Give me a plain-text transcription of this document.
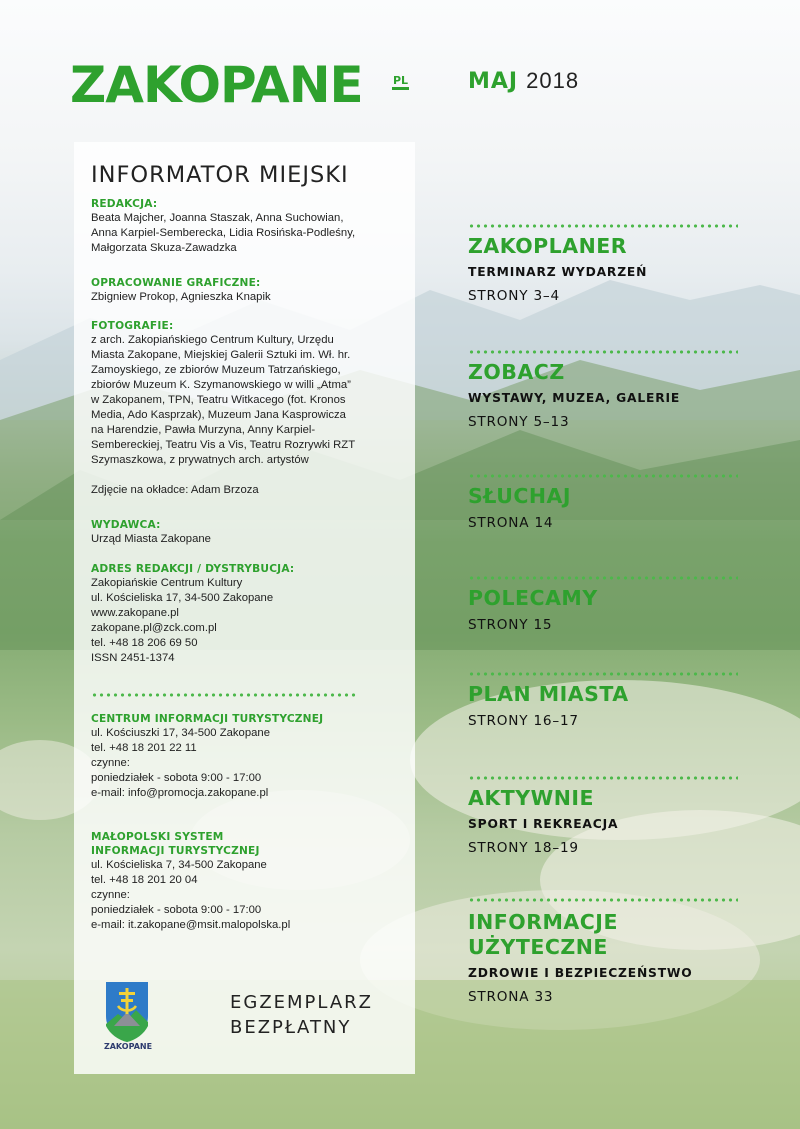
ZAKOPANE	PL	MAJ 2018
INFORMATOR MIEJSKI
REDAKCJA:
Beata Majcher, Joanna Staszak, Anna Suchowian,
Anna Karpiel-Semberecka, Lidia Rosińska-Podleśny,
Małgorzata Skuza-Zawadzka
OPRACOWANIE GRAFICZNE:
Zbigniew Prokop, Agnieszka Knapik
FOTOGRAFIE:
z arch. Zakopiańskiego Centrum Kultury, Urzędu
Miasta Zakopane, Miejskiej Galerii Sztuki im. Wł. hr.
Zamoyskiego, ze zbiorów Muzeum Tatrzańskiego,
zbiorów Muzeum K. Szymanowskiego w willi „Atma”
w Zakopanem, TPN, Teatru Witkacego (fot. Kronos
Media, Ado Kasprzak), Muzeum Jana Kasprowicza
na Harendzie, Pawła Murzyna, Anny Karpiel-
Sembereckiej, Teatru Vis a Vis, Teatru Rozrywki RZT
Szymaszkowa, z prywatnych arch. artystów

Zdjęcie na okładce: Adam Brzoza
WYDAWCA:
Urząd Miasta Zakopane
ADRES REDAKCJI / DYSTRYBUCJA:
Zakopiańskie Centrum Kultury
ul. Kościeliska 17, 34-500 Zakopane
www.zakopane.pl
zakopane.pl@zck.com.pl
tel. +48 18 206 69 50
ISSN 2451-1374
CENTRUM INFORMACJI TURYSTYCZNEJ
ul. Kościuszki 17, 34-500 Zakopane
tel. +48 18 201 22 11
czynne:
poniedziałek - sobota 9:00 - 17:00
e-mail: info@promocja.zakopane.pl
MAŁOPOLSKI SYSTEM
INFORMACJI TURYSTYCZNEJ
ul. Kościeliska 7, 34-500 Zakopane
tel. +48 18 201 20 04
czynne:
poniedziałek - sobota 9:00 - 17:00
e-mail: it.zakopane@msit.malopolska.pl
ZAKOPANE
EGZEMPLARZ
BEZPŁATNY
ZAKOPLANER
TERMINARZ WYDARZEŃ
STRONY 3–4
ZOBACZ
WYSTAWY, MUZEA, GALERIE
STRONY 5–13
SŁUCHAJ
STRONA 14
POLECAMY
STRONY 15
PLAN MIASTA
STRONY 16–17
AKTYWNIE
SPORT I REKREACJA
STRONY 18–19
INFORMACJE
UŻYTECZNE
ZDROWIE I BEZPIECZEŃSTWO
STRONA 33
